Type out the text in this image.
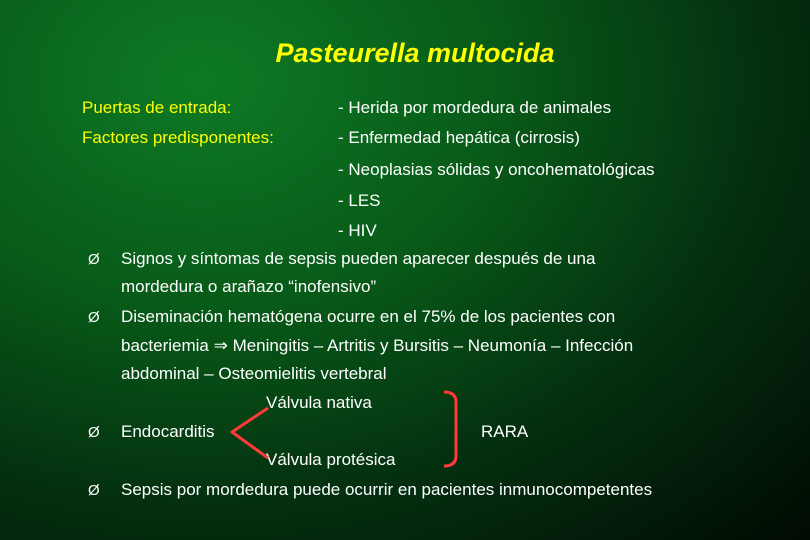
Pasteurella multocida
Puertas de entrada:	- Herida por mordedura de animales
Factores predisponentes:	- Enfermedad hepática (cirrosis)
- Neoplasias sólidas y oncohematológicas
- LES
- HIV
Ø Signos y síntomas de sepsis pueden aparecer después de una
mordedura o arañazo “inofensivo”
Ø Diseminación hematógena ocurre en el 75% de los pacientes con
bacteriemia ⇒ Meningitis – Artritis y Bursitis – Neumonía – Infección
abdominal – Osteomielitis vertebral
Válvula nativa
Ø Endocarditis	RARA
Válvula protésica
Ø Sepsis por mordedura puede ocurrir en pacientes inmunocompetentes
